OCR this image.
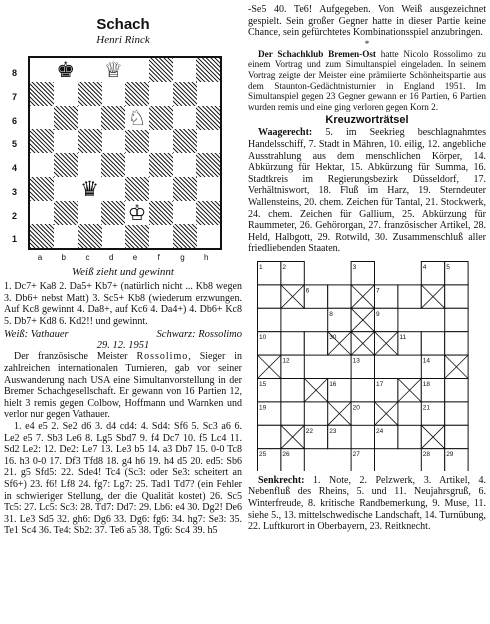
Schach
Henri Rinck
8
7
6
5
4
3
2
1
♚ ♕
♘
♛
♔
a	b	c	d	e	f	g	h
Weiß zieht und gewinnt

1. Dc7+ Ka8 2. Da5+ Kb7+ (natürlich nicht ... Kb8 wegen 3. Db6+ nebst Matt) 3. Sc5+ Kb8 (wiederum erzwungen. Auf Kc8 gewinnt 4. Da8+, auf Kc6 4. Da4+) 4. Db6+ Kc8 5. Db7+ Kd8 6. Kd2!! und gewinnt.

Weiß: Vathauer	Schwarz: Rossolimo
29. 12. 1951

Der französische Meister Rossolimo, Sieger in zahlreichen internationalen Turnieren, gab vor seiner Auswanderung nach USA eine Simultanvorstellung in der Bremer Schachgesellschaft. Er gewann von 16 Partien 12, hielt 3 remis gegen Colbow, Hoffmann und Warnken und verlor nur gegen Vathauer.

1. e4 e5 2. Se2 d6 3. d4 cd4: 4. Sd4: Sf6 5. Sc3 a6 6. Le2 e5 7. Sb3 Le6 8. Lg5 Sbd7 9. f4 Dc7 10. f5 Lc4 11. Sd2 Le2: 12. De2: Le7 13. Le3 b5 14. a3 Db7 15. 0-0 Tc8 16. h3 0-0 17. Df3 Tfd8 18. g4 h6 19. h4 d5 20. ed5: Sb6 21. g5 Sfd5: 22. Sde4! Tc4 (Sc3: oder Se3: scheitert an Sf6+) 23. f6! Lf8 24. fg7: Lg7: 25. Tad1 Td7? (ein Fehler in schwieriger Stellung, der die Qualität kostet) 26. Sc5 Tc5: 27. Lc5: Sc3: 28. Td7: Dd7: 29. Lb6: e4 30. Dg2! De6 31. Le3 Sd5 32. gh6: Dg6 33. Dg6: fg6: 34. hg7: Se3: 35. Te1 Sc4 36. Te4: Sb2: 37. Te6 a5 38. Tg6: Sc4 39. h5

-Se5 40. Te6! Aufgegeben. Von Weiß ausgezeichnet gespielt. Sein großer Gegner hatte in dieser Partie keine Chance, sein gefürchtetes Kombinationsspiel anzubringen.

*

Der Schachklub Bremen-Ost hatte Nicolo Rossolimo zu einem Vortrag und zum Simultanspiel eingeladen. In seinem Vortrag zeigte der Meister eine prämiierte Schönheitspartie aus dem Staunton-Gedächtnisturnier in England 1951. Im Simultanspiel gegen 23 Gegner gewann er 16 Partien, 6 Partien wurden remis und eine ging verloren gegen Korn 2.

Kreuzworträtsel

Waagerecht: 5. im Seekrieg beschlagnahmtes Handelsschiff, 7. Stadt in Mähren, 10. eilig, 12. angebliche Ausstrahlung aus dem menschlichen Körper, 14. Abkürzung für Hektar, 15. Abkürzung für Summa, 16. Stadtkreis im Regierungsbezirk Düsseldorf, 17. Verhältniswort, 18. Fluß im Harz, 19. Sterndeuter Wallensteins, 20. chem. Zeichen für Tantal, 21. Stockwerk, 24. chem. Zeichen für Gallium, 25. Abkürzung für Raummeter, 26. Gehörorgan, 27. französischer Artikel, 28. Held, Halbgott, 29. Rotwild, 30. Zusammenschluß aller friedliebenden Staaten.

1	2	3	4	5
6	7
8	9
10	11
12	13	14
15	16	17	18
19	20	21
22 23	24
25 26	27	28 29
30

Senkrecht: 1. Note, 2. Pelzwerk, 3. Artikel, 4. Nebenfluß des Rheins, 5. und 11. Neujahrsgruß, 6. Winterfreude, 8. kritische Randbemerkung, 9. Muse, 11. siehe 5., 13. mittelschwedische Landschaft, 14. Turnübung, 22. Luftkurort in Oberbayern, 23. Reitknecht.
